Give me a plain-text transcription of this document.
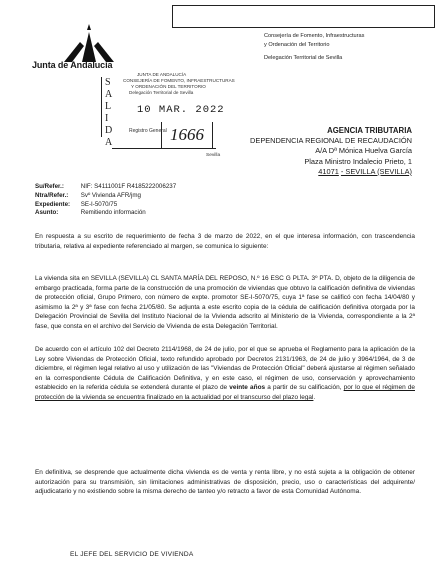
Junta de Andalucía
Consejería de Fomento, Infraestructuras
y Ordenación del Territorio
Delegación Territorial de Sevilla
JUNTA DE ANDALUCÍA
CONSEJERÍA DE FOMENTO, INFRAESTRUCTURAS
Y ORDENACIÓN DEL TERRITORIO
Delegación Territorial de Sevilla
S
A
L
I
D
A
10 MAR. 2022
Registro General 1666
Sevilla
AGENCIA TRIBUTARIA
DEPENDENCIA REGIONAL DE RECAUDACIÓN
A/A Dª Mónica Huelva García
Plaza Ministro Indalecio Prieto, 1
41071 - SEVILLA (SEVILLA)
Su/Refer.:	NIF: S4111001F R4185222006237
Ntra/Refer.: Svº Vivienda AFR/jmg
Expediente: SE-I-5070/75
Asunto:	Remitiendo información
En respuesta a su escrito de requerimiento de fecha 3 de marzo de 2022, en el que interesa información, con trascendencia tributaria, relativa al expediente referenciado al margen, se comunica lo siguiente:
La vivienda sita en SEVILLA (SEVILLA) CL SANTA MARÍA DEL REPOSO, N.º 16 ESC G PLTA. 3º PTA. D, objeto de la diligencia de embargo practicada, forma parte de la construcción de una promoción de viviendas que obtuvo la calificación definitiva de viviendas de protección oficial, Grupo Primero, con número de expte. promotor SE-I-5070/75, cuya 1ª fase se calificó con fecha 14/04/80 y asimismo la 2ª y 3ª fase con fecha 21/05/80. Se adjunta a este escrito copia de la cédula de calificación definitiva otorgada por la Delegación Provincial de Sevilla del Instituto Nacional de la Vivienda adscrito al Ministerio de la Vivienda, correspondiente a la 2ª fase, que consta en el archivo del Servicio de Vivienda de esta Delegación Territorial.
De acuerdo con el artículo 102 del Decreto 2114/1968, de 24 de julio, por el que se aprueba el Reglamento para la aplicación de la Ley sobre Viviendas de Protección Oficial, texto refundido aprobado por Decretos 2131/1963, de 24 de julio y 3964/1964, de 3 de diciembre, el régimen legal relativo al uso y utilización de las "Viviendas de Protección Oficial" deberá ajustarse al régimen señalado en la correspondiente Cédula de Calificación Definitiva, y en este caso, el régimen de uso, conservación y aprovechamiento establecido en la referida cédula se extenderá durante el plazo de veinte años a partir de su calificación, por lo que el régimen de protección de la vivienda se encuentra finalizado en la actualidad por el transcurso del plazo legal.
En definitiva, se desprende que actualmente dicha vivienda es de venta y renta libre, y no está sujeta a la obligación de obtener autorización para su transmisión, sin limitaciones administrativas de disposición, precio, uso o características del adquirente/ adjudicatario y no existiendo sobre la misma derecho de tanteo y/o retracto a favor de esta Comunidad Autónoma.
EL JEFE DEL SERVICIO DE VIVIENDA
